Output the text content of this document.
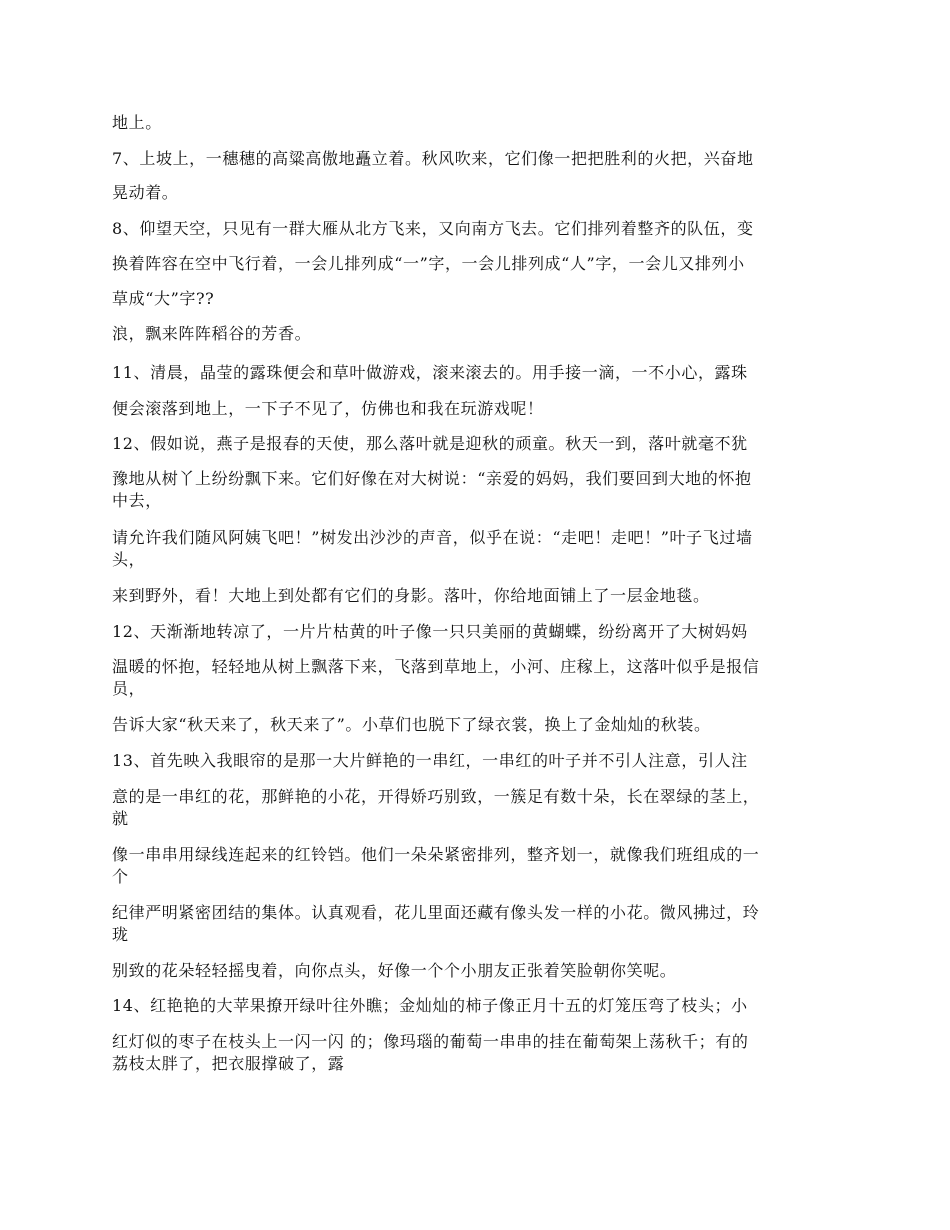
地上。

7、上坡上，一穗穗的高粱高傲地矗立着。秋风吹来，它们像一把把胜利的火把，兴奋地

晃动着。

8、仰望天空，只见有一群大雁从北方飞来，又向南方飞去。它们排列着整齐的队伍，变

换着阵容在空中飞行着，一会儿排列成“一”字，一会儿排列成“人”字，一会儿又排列小

草成“大”字??

浪，飘来阵阵稻谷的芳香。

11、清晨，晶莹的露珠便会和草叶做游戏，滚来滚去的。用手接一滴，一不小心，露珠

便会滚落到地上，一下子不见了，仿佛也和我在玩游戏呢！

12、假如说，燕子是报春的天使，那么落叶就是迎秋的顽童。秋天一到，落叶就毫不犹

豫地从树丫上纷纷飘下来。它们好像在对大树说：“亲爱的妈妈，我们要回到大地的怀抱

中去，

请允许我们随风阿姨飞吧！”树发出沙沙的声音，似乎在说：“走吧！走吧！”叶子飞过墙

头，

来到野外，看！大地上到处都有它们的身影。落叶，你给地面铺上了一层金地毯。

12、天渐渐地转凉了，一片片枯黄的叶子像一只只美丽的黄蝴蝶，纷纷离开了大树妈妈

温暖的怀抱，轻轻地从树上飘落下来，飞落到草地上，小河、庄稼上，这落叶似乎是报信

员，

告诉大家“秋天来了，秋天来了”。小草们也脱下了绿衣裳，换上了金灿灿的秋装。

13、首先映入我眼帘的是那一大片鲜艳的一串红，一串红的叶子并不引人注意，引人注

意的是一串红的花，那鲜艳的小花，开得娇巧别致，一簇足有数十朵，长在翠绿的茎上，

就

像一串串用绿线连起来的红铃铛。他们一朵朵紧密排列，整齐划一，就像我们班组成的一

个

纪律严明紧密团结的集体。认真观看，花儿里面还藏有像头发一样的小花。微风拂过，玲

珑

别致的花朵轻轻摇曳着，向你点头，好像一个个小朋友正张着笑脸朝你笑呢。

14、红艳艳的大苹果撩开绿叶往外瞧；金灿灿的柿子像正月十五的灯笼压弯了枝头；小

红灯似的枣子在枝头上一闪一闪 的；像玛瑙的葡萄一串串的挂在葡萄架上荡秋千；有的

荔枝太胖了，把衣服撑破了，露
